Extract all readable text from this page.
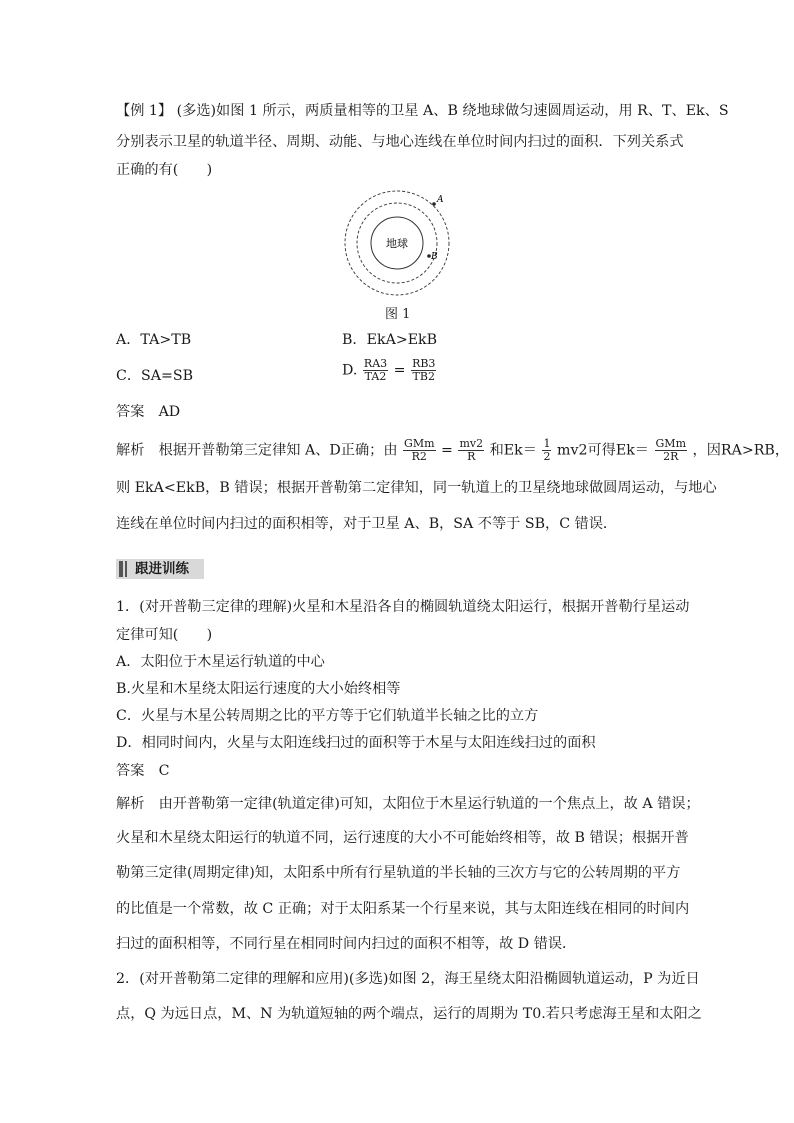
【例 1】 (多选)如图 1 所示，两质量相等的卫星 A、B 绕地球做匀速圆周运动，用 R、T、Ek、S
分别表示卫星的轨道半径、周期、动能、与地心连线在单位时间内扫过的面积．下列关系式
正确的有(　　)
地球
A
B
图 1
A．TA>TB	B．EkA>EkB
C．SA=SB	D. $\frac{RA3}{TA2} = \frac{RB3}{TB2}$
答案　AD
解析　根据开普勒第三定律知 A、D正确；由 $\frac{\text{GMm}}{R2} = \frac{mv2}{R}$ 和$Ek= \frac{1}{2} mv2$可得$Ek= \frac{\text{GMm}}{2R}$ ，因RA>RB，
则 EkA<EkB，B 错误；根据开普勒第二定律知，同一轨道上的卫星绕地球做圆周运动，与地心
连线在单位时间内扫过的面积相等，对于卫星 A、B，SA 不等于 SB，C 错误．
跟进训练
1．(对开普勒三定律的理解)火星和木星沿各自的椭圆轨道绕太阳运行，根据开普勒行星运动
定律可知(　　)
A．太阳位于木星运行轨道的中心
B.火星和木星绕太阳运行速度的大小始终相等
C．火星与木星公转周期之比的平方等于它们轨道半长轴之比的立方
D．相同时间内，火星与太阳连线扫过的面积等于木星与太阳连线扫过的面积
答案　C
解析　由开普勒第一定律(轨道定律)可知，太阳位于木星运行轨道的一个焦点上，故 A 错误；
火星和木星绕太阳运行的轨道不同，运行速度的大小不可能始终相等，故 B 错误；根据开普
勒第三定律(周期定律)知，太阳系中所有行星轨道的半长轴的三次方与它的公转周期的平方
的比值是一个常数，故 C 正确；对于太阳系某一个行星来说，其与太阳连线在相同的时间内
扫过的面积相等，不同行星在相同时间内扫过的面积不相等，故 D 错误．
2．(对开普勒第二定律的理解和应用)(多选)如图 2，海王星绕太阳沿椭圆轨道运动，P 为近日
点，Q 为远日点，M、N 为轨道短轴的两个端点，运行的周期为 T0.若只考虑海王星和太阳之
